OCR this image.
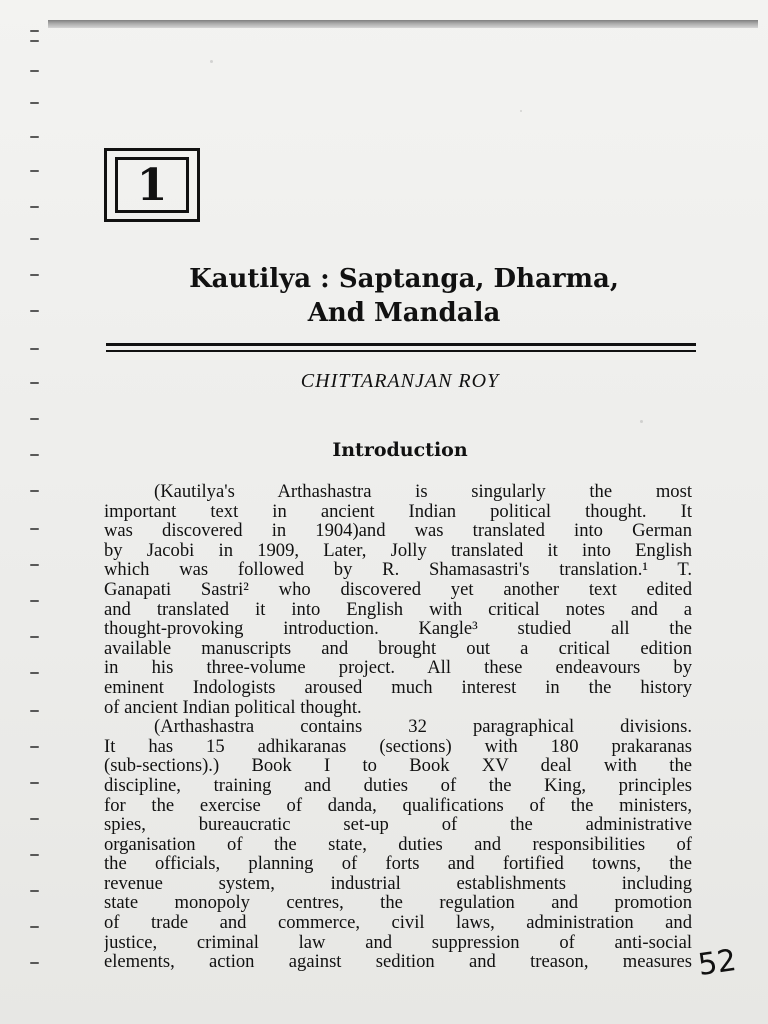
1
Kautilya : Saptanga, Dharma,
And Mandala
CHITTARANJAN ROY
Introduction

(Kautilya's Arthashastra is singularly the most
important text in ancient Indian political thought. It
was discovered in 1904)and was translated into German
by Jacobi in 1909, Later, Jolly translated it into English
which was followed by R. Shamasastri's translation.¹ T.
Ganapati Sastri² who discovered yet another text edited
and translated it into English with critical notes and a
thought-provoking introduction. Kangle³ studied all the
available manuscripts and brought out a critical edition
in his three-volume project. All these endeavours by
eminent Indologists aroused much interest in the history
of ancient Indian political thought.

(Arthashastra contains 32 paragraphical divisions.
It has 15 adhikaranas (sections) with 180 prakaranas
(sub-sections).) Book I to Book XV deal with the
discipline, training and duties of the King, principles
for the exercise of danda, qualifications of the ministers,
spies, bureaucratic set-up of the administrative
organisation of the state, duties and responsibilities of
the officials, planning of forts and fortified towns, the
revenue system, industrial establishments including
state monopoly centres, the regulation and promotion
of trade and commerce, civil laws, administration and
justice, criminal law and suppression of anti-social
elements, action against sedition and treason, measures 52
